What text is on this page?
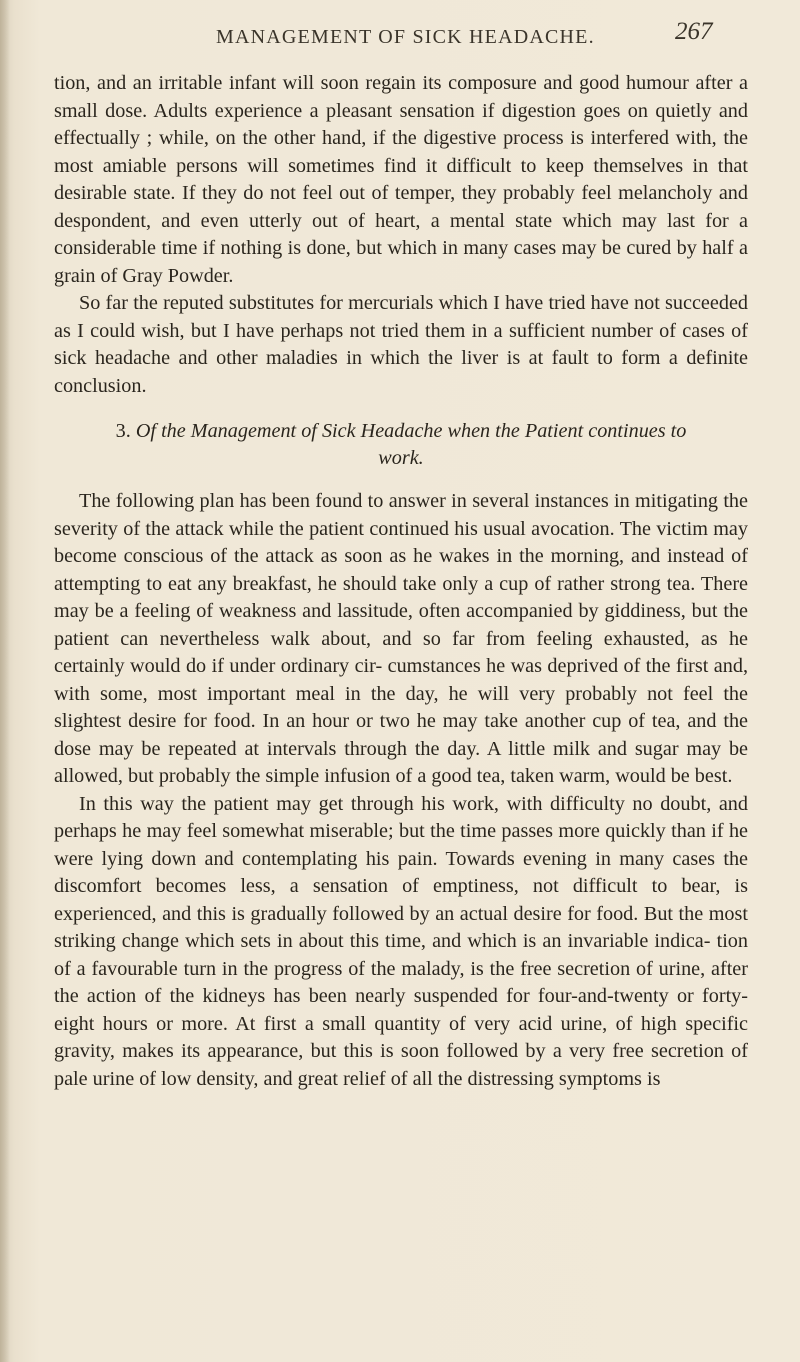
MANAGEMENT OF SICK HEADACHE.	267

tion, and an irritable infant will soon regain its composure and good humour after a small dose. Adults experience a pleasant sensation if digestion goes on quietly and effectually ; while, on the other hand, if the digestive process is interfered with, the most amiable persons will sometimes find it difficult to keep themselves in that desirable state. If they do not feel out of temper, they probably feel melancholy and despondent, and even utterly out of heart, a mental state which may last for a considerable time if nothing is done, but which in many cases may be cured by half a grain of Gray Powder.

So far the reputed substitutes for mercurials which I have tried have not succeeded as I could wish, but I have perhaps not tried them in a sufficient number of cases of sick headache and other maladies in which the liver is at fault to form a definite conclusion.

3. Of the Management of Sick Headache when the Patient continues to work.

The following plan has been found to answer in several instances in mitigating the severity of the attack while the patient continued his usual avocation. The victim may become conscious of the attack as soon as he wakes in the morning, and instead of attempting to eat any breakfast, he should take only a cup of rather strong tea. There may be a feeling of weakness and lassitude, often accompanied by giddiness, but the patient can nevertheless walk about, and so far from feeling exhausted, as he certainly would do if under ordinary cir- cumstances he was deprived of the first and, with some, most important meal in the day, he will very probably not feel the slightest desire for food. In an hour or two he may take another cup of tea, and the dose may be repeated at intervals through the day. A little milk and sugar may be allowed, but probably the simple infusion of a good tea, taken warm, would be best.

In this way the patient may get through his work, with difficulty no doubt, and perhaps he may feel somewhat miserable; but the time passes more quickly than if he were lying down and contemplating his pain. Towards evening in many cases the discomfort becomes less, a sensation of emptiness, not difficult to bear, is experienced, and this is gradually followed by an actual desire for food. But the most striking change which sets in about this time, and which is an invariable indica- tion of a favourable turn in the progress of the malady, is the free secretion of urine, after the action of the kidneys has been nearly suspended for four-and-twenty or forty-eight hours or more. At first a small quantity of very acid urine, of high specific gravity, makes its appearance, but this is soon followed by a very free secretion of pale urine of low density, and great relief of all the distressing symptoms is
